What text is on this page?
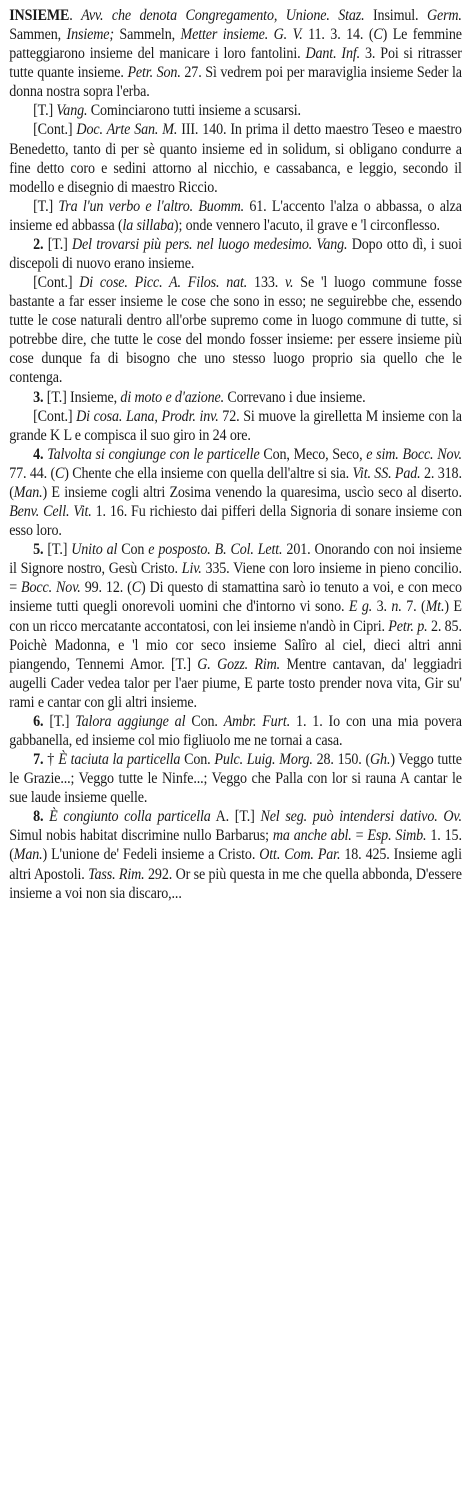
INSIEME. Avv. che denota Congregamento, Unione. Staz. Insimul. Germ. Sammen, Insieme; Sammeln, Metter insieme. G. V. 11. 3. 14. (C) Le femmine patteggiarono insieme del manicare i loro fantolini. Dant. Inf. 3. Poi si ritrasser tutte quante insieme. Petr. Son. 27. Sì vedrem poi per maraviglia insieme Seder la donna nostra sopra l'erba.

[T.] Vang. Cominciarono tutti insieme a scusarsi.

[Cont.] Doc. Arte San. M. III. 140. In prima il detto maestro Teseo e maestro Benedetto, tanto di per sè quanto insieme ed in solidum, si obligano condurre a fine detto coro e sedini attorno al nicchio, e cassabanca, e leggio, secondo il modello e disegnio di maestro Riccio.

[T.] Tra l'un verbo e l'altro. Buomm. 61. L'accento l'alza o abbassa, o alza insieme ed abbassa (la sillaba); onde vennero l'acuto, il grave e 'l circonflesso.

2. [T.] Del trovarsi più pers. nel luogo medesimo. Vang. Dopo otto dì, i suoi discepoli di nuovo erano insieme.

[Cont.] Di cose. Picc. A. Filos. nat. 133. v. Se 'l luogo commune fosse bastante a far esser insieme le cose che sono in esso; ne seguirebbe che, essendo tutte le cose naturali dentro all'orbe supremo come in luogo commune di tutte, si potrebbe dire, che tutte le cose del mondo fosser insieme: per essere insieme più cose dunque fa di bisogno che uno stesso luogo proprio sia quello che le contenga.

3. [T.] Insieme, di moto e d'azione. Correvano i due insieme.

[Cont.] Di cosa. Lana, Prodr. inv. 72. Si muove la girelletta M insieme con la grande K L e compisca il suo giro in 24 ore.

4. Talvolta si congiunge con le particelle Con, Meco, Seco, e sim. Bocc. Nov. 77. 44. (C) Chente che ella insieme con quella dell'altre si sia. Vit. SS. Pad. 2. 318. (Man.) E insieme cogli altri Zosima venendo la quaresima, uscìo seco al diserto. Benv. Cell. Vit. 1. 16. Fu richiesto dai pifferi della Signoria di sonare insieme con esso loro.

5. [T.] Unito al Con e posposto. B. Col. Lett. 201. Onorando con noi insieme il Signore nostro, Gesù Cristo. Liv. 335. Viene con loro insieme in pieno concilio. = Bocc. Nov. 99. 12. (C) Di questo di stamattina sarò io tenuto a voi, e con meco insieme tutti quegli onorevoli uomini che d'intorno vi sono. E g. 3. n. 7. (Mt.) E con un ricco mercatante accontatosi, con lei insieme n'andò in Cipri. Petr. p. 2. 85. Poichè Madonna, e 'l mio cor seco insieme Salîro al ciel, dieci altri anni piangendo, Tennemi Amor. [T.] G. Gozz. Rim. Mentre cantavan, da' leggiadri augelli Cader vedea talor per l'aer piume, E parte tosto prender nova vita, Gir su' rami e cantar con gli altri insieme.

6. [T.] Talora aggiunge al Con. Ambr. Furt. 1. 1. Io con una mia povera gabbanella, ed insieme col mio figliuolo me ne tornai a casa.

7. † È taciuta la particella Con. Pulc. Luig. Morg. 28. 150. (Gh.) Veggo tutte le Grazie...; Veggo tutte le Ninfe...; Veggo che Palla con lor si rauna A cantar le sue laude insieme quelle.

8. È congiunto colla particella A. [T.] Nel seg. può intendersi dativo. Ov. Simul nobis habitat discrimine nullo Barbarus; ma anche abl. = Esp. Simb. 1. 15. (Man.) L'unione de' Fedeli insieme a Cristo. Ott. Com. Par. 18. 425. Insieme agli altri Apostoli. Tass. Rim. 292. Or se più questa in me che quella abbonda, D'essere insieme a voi non sia discaro,...
